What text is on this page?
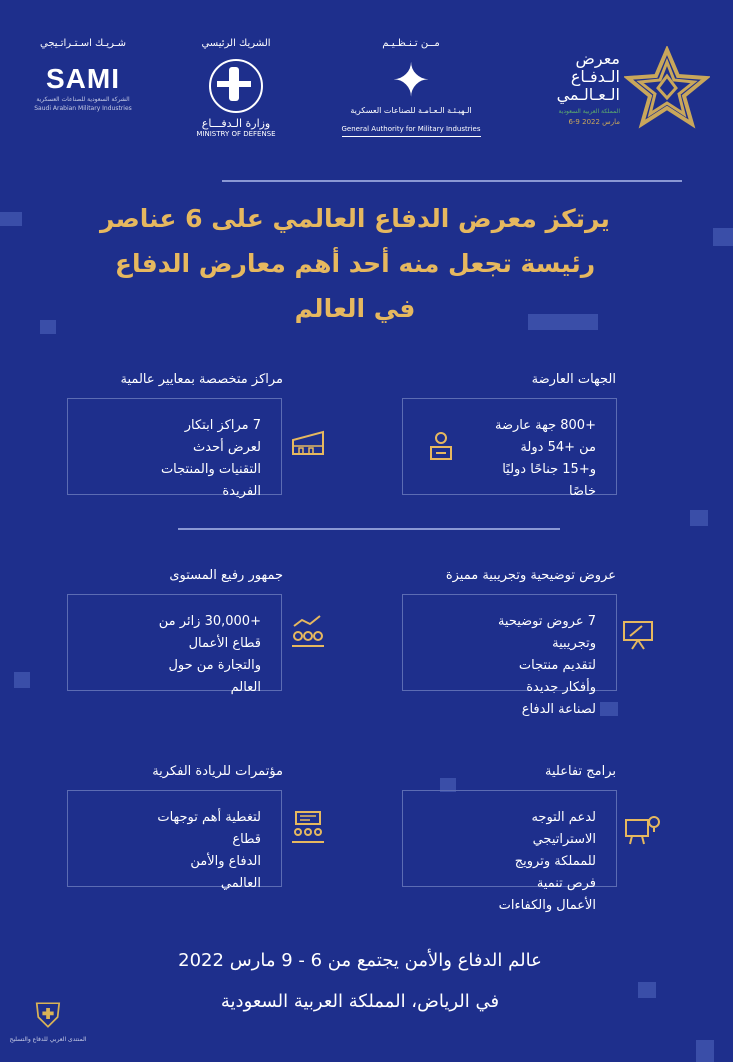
شـريـك اسـتـراتـيجي
SAMI
الشركة السعودية للصناعات العسكرية
Saudi Arabian Military Industries
الشريك الرئيسي
وزارة الـدفـــاع
MINISTRY OF DEFENSE
مــن تـنـظـيـم
✦
الـهيـئـة الـعـامـة للصناعات العسكرية
General Authority for Military Industries
معرض
الـدفـاع
الـعـالـمي
المملكة العربية السعودية
6-9 مارس 2022
يرتكز معرض الدفاع العالمي على 6 عناصر
رئيسة تجعل منه أحد أهم معارض الدفاع
في العالم
الجهات العارضة
+800 جهة عارضة
من +54 دولة
و+15 جناحًا دوليًا خاصًا
مراكز متخصصة بمعايير عالمية
7 مراكز ابتكار لعرض أحدث
التقنيات والمنتجات الفريدة
عروض توضيحية وتجريبية مميزة
7 عروض توضيحية وتجريبية
لتقديم منتجات وأفكار جديدة
لصناعة الدفاع
جمهور رفيع المستوى
+30,000 زائر من قطاع الأعمال
والتجارة من حول العالم
برامج تفاعلية
لدعم التوجه الاستراتيجي
للمملكة وترويج فرص تنمية
الأعمال والكفاءات
مؤتمرات للريادة الفكرية
لتغطية أهم توجهات قطاع
الدفاع والأمن العالمي
عالم الدفاع والأمن يجتمع من 6 - 9 مارس 2022
في الرياض، المملكة العربية السعودية
⛨
المنتدى العربي للدفاع والتسليح
